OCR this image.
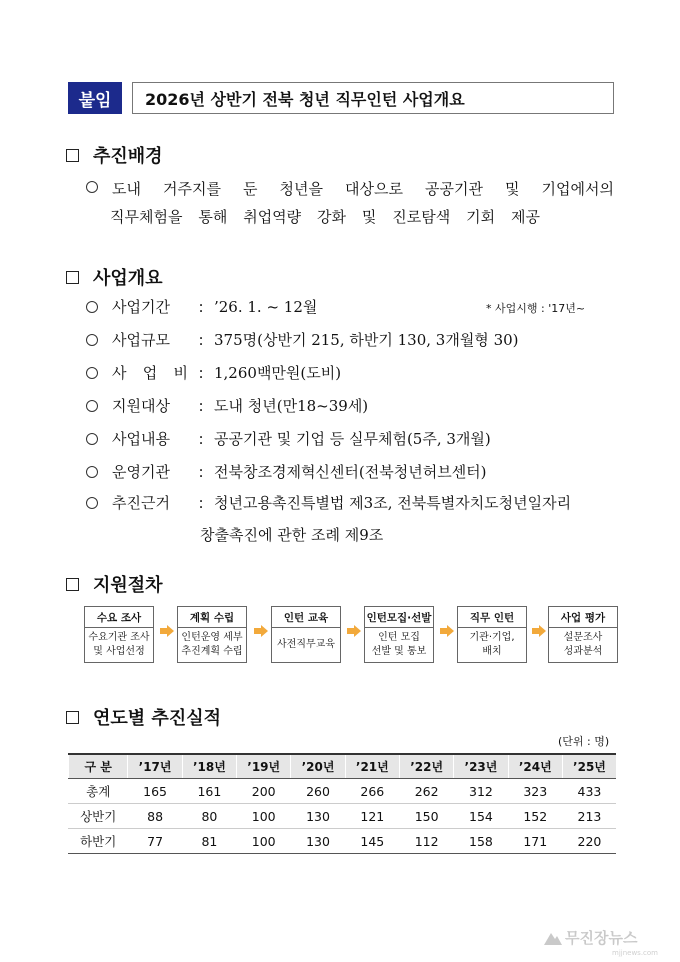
붙임	2026년 상반기 전북 청년 직무인턴 사업개요
추진배경
도내 거주지를 둔 청년을 대상으로 공공기관 및 기업에서의
직무체험을 통해 취업역량 강화 및 진로탐색 기회 제공
사업개요
* 사업시행 : '17년~
사업기간	: ’26. 1. ~ 12월
사업규모	: 375명(상반기 215, 하반기 130, 3개월형 30)
사 업 비 : 1,260백만원(도비)
지원대상	: 도내 청년(만18~39세)
사업내용	: 공공기관 및 기업 등 실무체험(5주, 3개월)
운영기관	: 전북창조경제혁신센터(전북청년허브센터)
추진근거	: 청년고용촉진특별법 제3조, 전북특별자치도청년일자리
창출촉진에 관한 조례 제9조
지원절차
수요 조사
수요기관 조사
및 사업선정
계획 수립
인턴운영 세부
추진계획 수립
인턴 교육
사전직무교육
인턴모집·선발
인턴 모집
선발 및 통보
직무 인턴
기관·기업,
배치
사업 평가
설문조사
성과분석
연도별 추진실적
(단위 : 명)
구 분	’17년	’18년	’19년	’20년	’21년	’22년	’23년	’24년	’25년
총계	165	161	200	260	266	262	312	323	433
상반기	88	80	100	130	121	150	154	152	213
하반기	77	81	100	130	145	112	158	171	220
무진장뉴스
mjjnews.com
